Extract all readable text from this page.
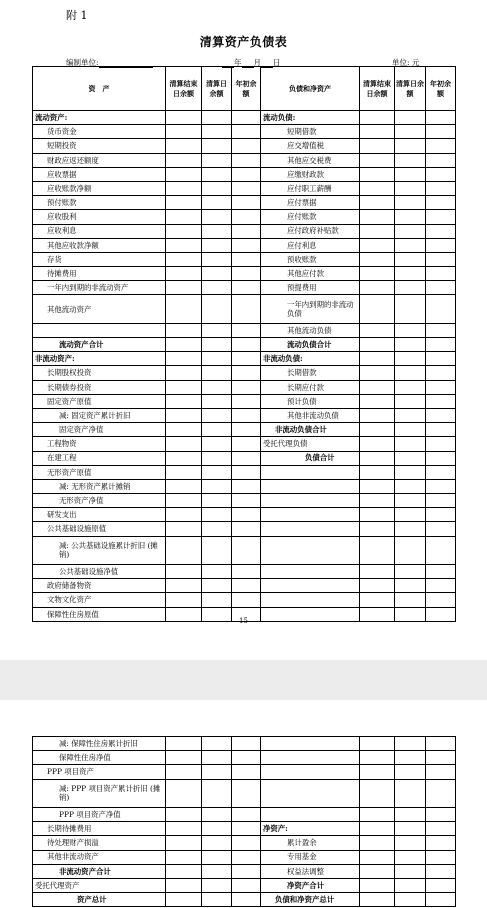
附 1
清算资产负债表
编制单位:	年 月 日	单位: 元
资　产	清算结束日余额	清算日余额	年初余额	负债和净资产	清算结束日余额	清算日余额	年初余额
流动资产:				流动负债:			
货币资金				短期借款			
短期投资				应交增值税			
财政应返还额度				其他应交税费			
应收票据				应缴财政款			
应收账款净额				应付职工薪酬			
预付账款				应付票据			
应收股利				应付账款			
应收利息				应付政府补贴款			
其他应收款净额				应付利息			
存货				预收账款			
待摊费用				其他应付款			
一年内到期的非流动资产				预提费用			
其他流动资产				一年内到期的非流动负债			
				其他流动负债			
流动资产合计				流动负债合计			
非流动资产:				非流动负债:			
长期股权投资				长期借款			
长期债券投资				长期应付款			
固定资产原值				预计负债			
减: 固定资产累计折旧				其他非流动负债			
固定资产净值				非流动负债合计			
工程物资				受托代理负债			
在建工程				负债合计			
无形资产原值							
减: 无形资产累计摊销							
无形资产净值							
研发支出							
公共基础设施原值							
减: 公共基础设施累计折旧 (摊销)							
公共基础设施净值							
政府储备物资							
文物文化资产							
保障性住房原值							
15
减: 保障性住房累计折旧							
保障性住房净值							
PPP 项目资产							
减: PPP 项目资产累计折旧 (摊销)							
PPP 项目资产净值							
长期待摊费用				净资产:			
待处理财产损溢				累计盈余			
其他非流动资产				专用基金			
非流动资产合计				权益法调整			
受托代理资产				净资产合计			
资产总计				负债和净资产总计			
